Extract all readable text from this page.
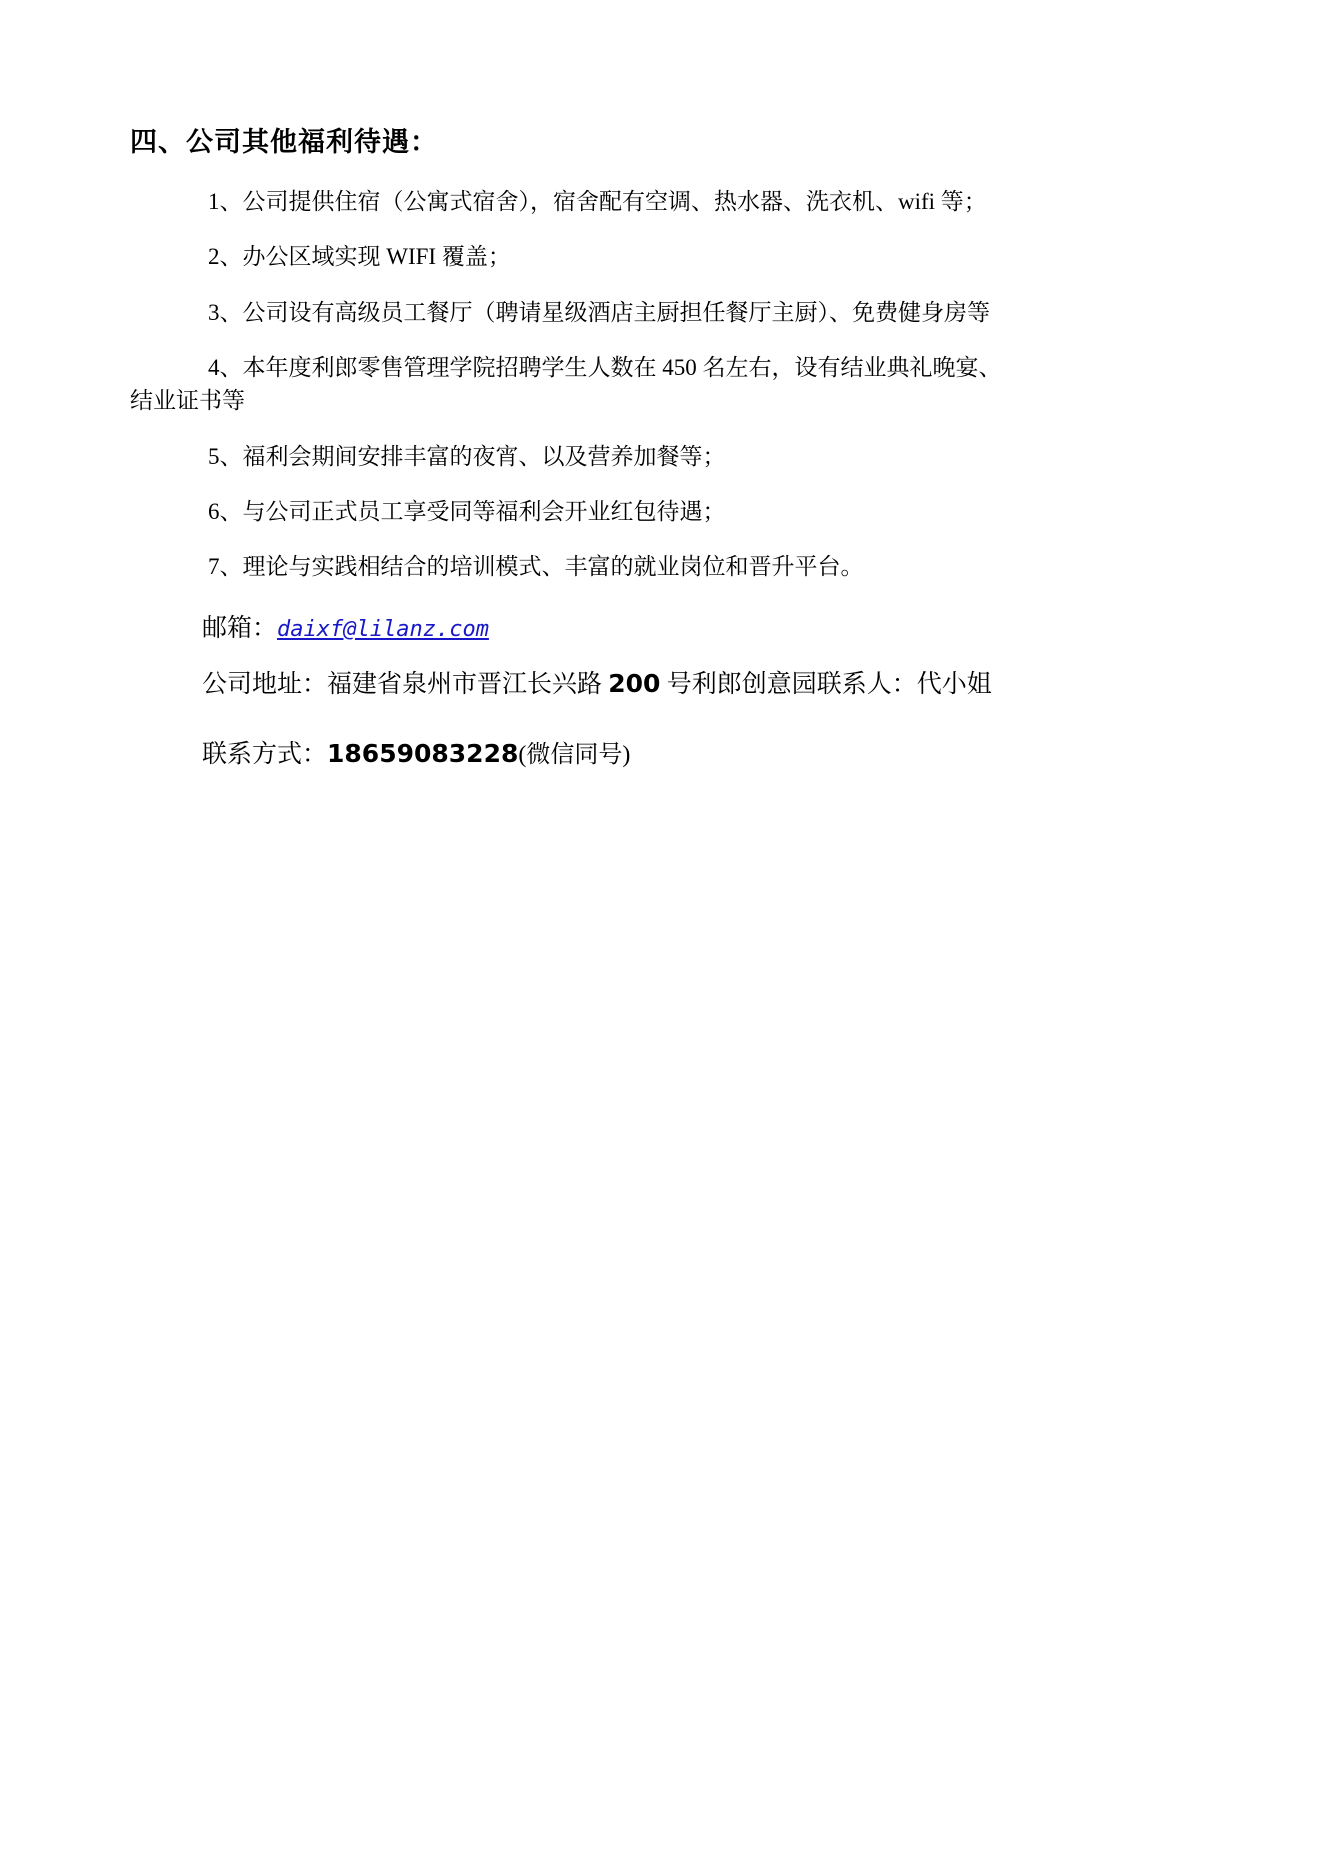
四、公司其他福利待遇：
1、公司提供住宿（公寓式宿舍），宿舍配有空调、热水器、洗衣机、wifi 等；
2、办公区域实现 WIFI 覆盖；
3、公司设有高级员工餐厅（聘请星级酒店主厨担任餐厅主厨）、免费健身房等
4、本年度利郎零售管理学院招聘学生人数在 450 名左右，设有结业典礼晚宴、
结业证书等
5、福利会期间安排丰富的夜宵、以及营养加餐等；
6、与公司正式员工享受同等福利会开业红包待遇；
7、理论与实践相结合的培训模式、丰富的就业岗位和晋升平台。
邮箱：daixf@lilanz.com
公司地址：福建省泉州市晋江长兴路 200 号利郎创意园联系人：代小姐
联系方式：18659083228(微信同号)
